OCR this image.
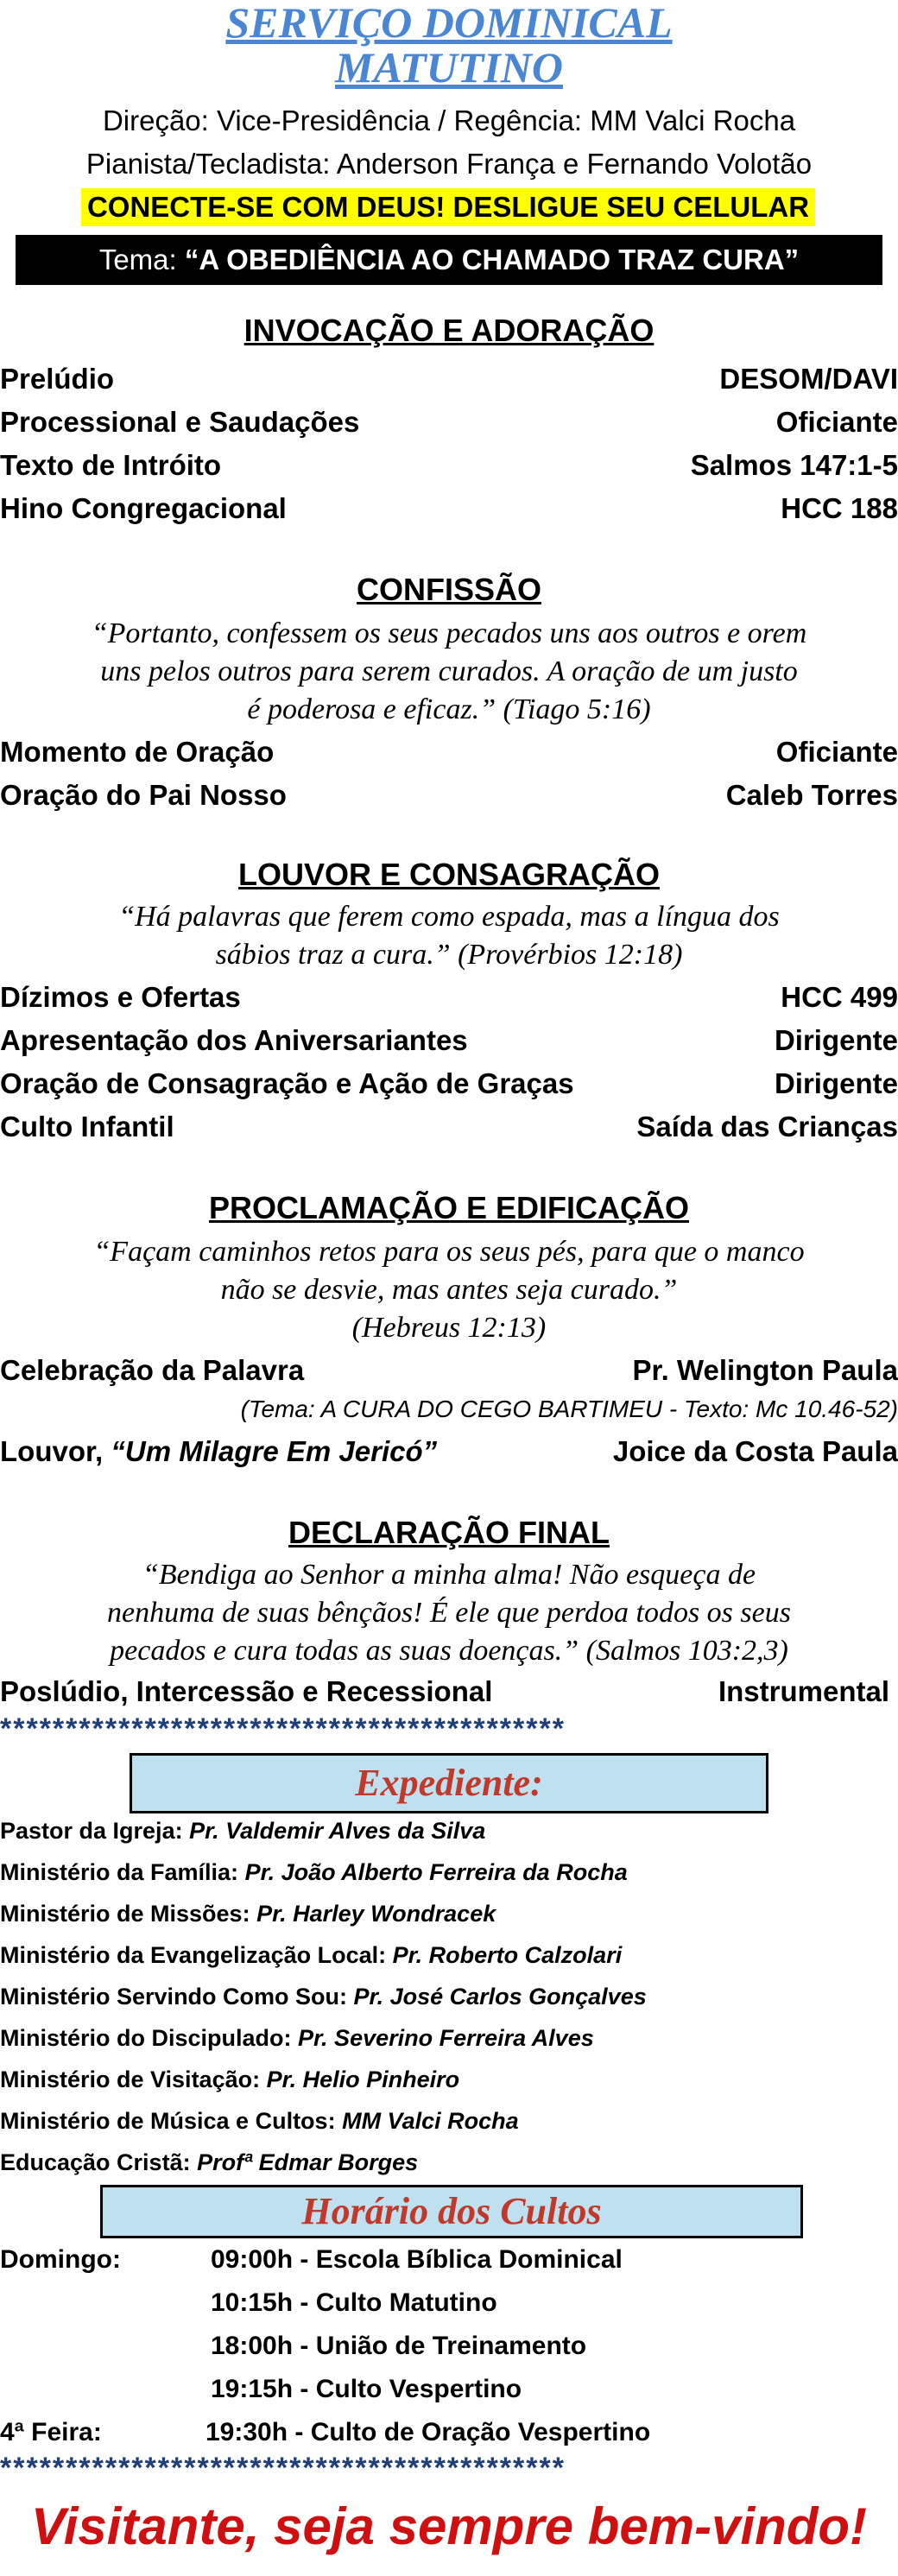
SERVIÇO DOMINICAL
MATUTINO
Direção: Vice-Presidência / Regência: MM Valci Rocha
Pianista/Tecladista: Anderson França e Fernando Volotão
CONECTE-SE COM DEUS! DESLIGUE SEU CELULAR
Tema: “A OBEDIÊNCIA AO CHAMADO TRAZ CURA”
INVOCAÇÃO E ADORAÇÃO
Prelúdio	DESOM/DAVI
Processional e Saudações	Oficiante
Texto de Intróito	Salmos 147:1-5
Hino Congregacional	HCC 188
CONFISSÃO
“Portanto, confessem os seus pecados uns aos outros e orem
uns pelos outros para serem curados. A oração de um justo
é poderosa e eficaz.” (Tiago 5:16)
Momento de Oração	Oficiante
Oração do Pai Nosso	Caleb Torres
LOUVOR E CONSAGRAÇÃO
“Há palavras que ferem como espada, mas a língua dos
sábios traz a cura.” (Provérbios 12:18)
Dízimos e Ofertas	HCC 499
Apresentação dos Aniversariantes	Dirigente
Oração de Consagração e Ação de Graças	Dirigente
Culto Infantil	Saída das Crianças
PROCLAMAÇÃO E EDIFICAÇÃO
“Façam caminhos retos para os seus pés, para que o manco
não se desvie, mas antes seja curado.”
(Hebreus 12:13)
Celebração da Palavra	Pr. Welington Paula
(Tema: A CURA DO CEGO BARTIMEU - Texto: Mc 10.46-52)
Louvor, “Um Milagre Em Jericó”	Joice da Costa Paula
DECLARAÇÃO FINAL
“Bendiga ao Senhor a minha alma! Não esqueça de
nenhuma de suas bênçãos! É ele que perdoa todos os seus
pecados e cura todas as suas doenças.” (Salmos 103:2,3)
Poslúdio, Intercessão e Recessional	Instrumental
*******************************************
Expediente:
Pastor da Igreja: Pr. Valdemir Alves da Silva
Ministério da Família: Pr. João Alberto Ferreira da Rocha
Ministério de Missões: Pr. Harley Wondracek
Ministério da Evangelização Local: Pr. Roberto Calzolari
Ministério Servindo Como Sou: Pr. José Carlos Gonçalves
Ministério do Discipulado: Pr. Severino Ferreira Alves
Ministério de Visitação: Pr. Helio Pinheiro
Ministério de Música e Cultos: MM Valci Rocha
Educação Cristã: Profª Edmar Borges
Horário dos Cultos
Domingo:	09:00h - Escola Bíblica Dominical
10:15h - Culto Matutino
18:00h - União de Treinamento
19:15h - Culto Vespertino
4ª Feira:	19:30h - Culto de Oração Vespertino
*******************************************
Visitante, seja sempre bem-vindo!
